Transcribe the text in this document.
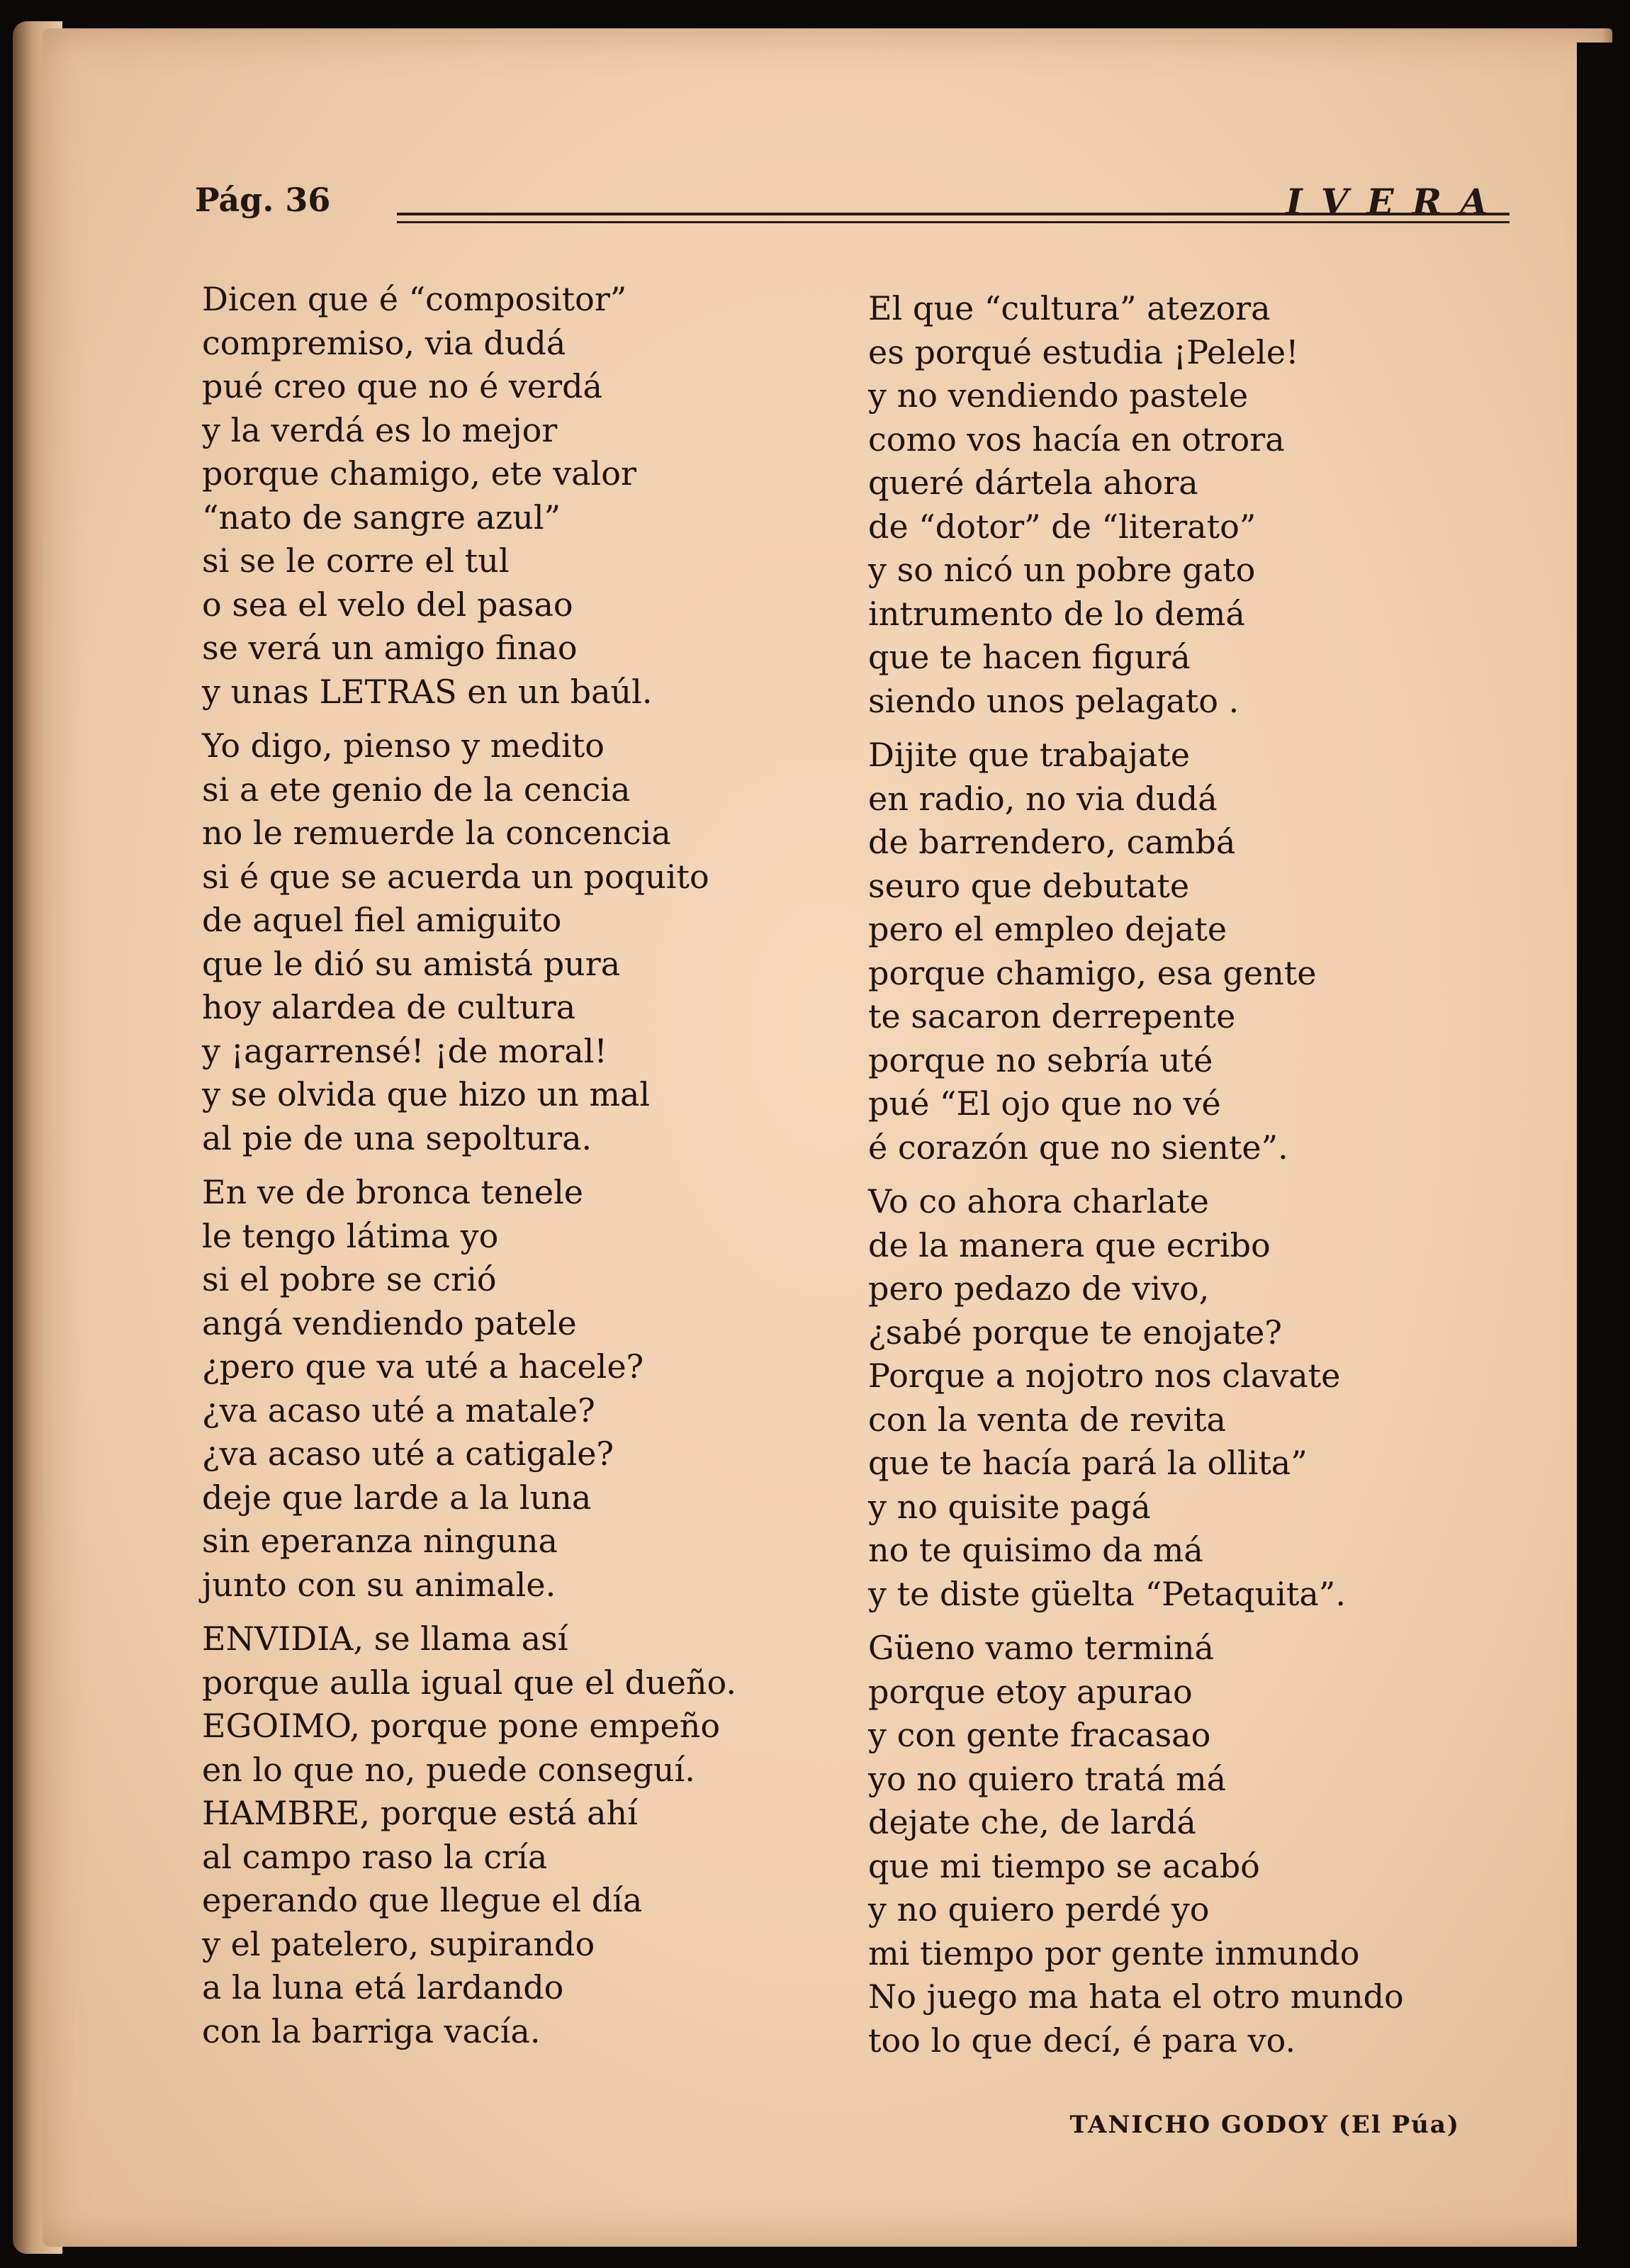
Pág. 36	IVERA
Dicen que é “compositor”
compremiso, via dudá
pué creo que no é verdá
y la verdá es lo mejor
porque chamigo, ete valor
“nato de sangre azul”
si se le corre el tul
o sea el velo del pasao
se verá un amigo finao
y unas LETRAS en un baúl.
Yo digo, pienso y medito
si a ete genio de la cencia
no le remuerde la concencia
si é que se acuerda un poquito
de aquel fiel amiguito
que le dió su amistá pura
hoy alardea de cultura
y ¡agarrensé! ¡de moral!
y se olvida que hizo un mal
al pie de una sepoltura.
En ve de bronca tenele
le tengo látima yo
si el pobre se crió
angá vendiendo patele
¿pero que va uté a hacele?
¿va acaso uté a matale?
¿va acaso uté a catigale?
deje que larde a la luna
sin eperanza ninguna
junto con su animale.
ENVIDIA, se llama así
porque aulla igual que el dueño.
EGOIMO, porque pone empeño
en lo que no, puede conseguí.
HAMBRE, porque está ahí
al campo raso la cría
eperando que llegue el día
y el patelero, supirando
a la luna etá lardando
con la barriga vacía.
El que “cultura” atezora
es porqué estudia ¡Pelele!
y no vendiendo pastele
como vos hacía en otrora
queré dártela ahora
de “dotor” de “literato”
y so nicó un pobre gato
intrumento de lo demá
que te hacen figurá
siendo unos pelagato .
Dijite que trabajate
en radio, no via dudá
de barrendero, cambá
seuro que debutate
pero el empleo dejate
porque chamigo, esa gente
te sacaron derrepente
porque no sebría uté
pué “El ojo que no vé
é corazón que no siente”.
Vo co ahora charlate
de la manera que ecribo
pero pedazo de vivo,
¿sabé porque te enojate?
Porque a nojotro nos clavate
con la venta de revita
que te hacía pará la ollita”
y no quisite pagá
no te quisimo da má
y te diste güelta “Petaquita”.
Güeno vamo terminá
porque etoy apurao
y con gente fracasao
yo no quiero tratá má
dejate che, de lardá
que mi tiempo se acabó
y no quiero perdé yo
mi tiempo por gente inmundo
No juego ma hata el otro mundo
too lo que decí, é para vo.
TANICHO GODOY (El Púa)
